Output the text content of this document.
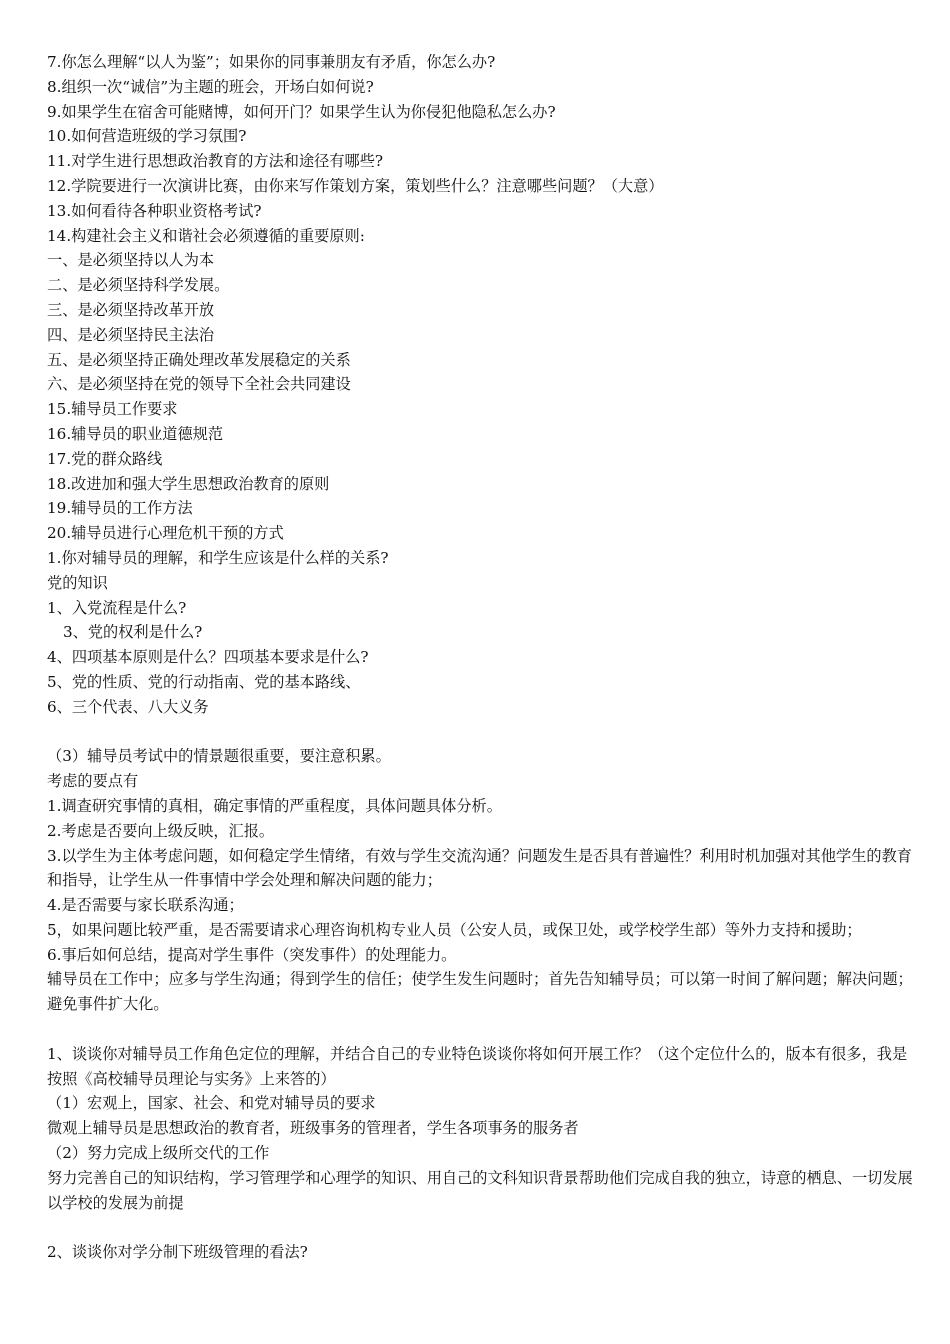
7.你怎么理解“以人为鉴”；如果你的同事兼朋友有矛盾，你怎么办?
8.组织一次“诚信”为主题的班会，开场白如何说?
9.如果学生在宿舍可能赌博，如何开门？如果学生认为你侵犯他隐私怎么办?
10.如何营造班级的学习氛围?
11.对学生进行思想政治教育的方法和途径有哪些?
12.学院要进行一次演讲比赛，由你来写作策划方案，策划些什么？注意哪些问题？（大意）
13.如何看待各种职业资格考试?
14.构建社会主义和谐社会必须遵循的重要原则:
一、是必须坚持以人为本
二、是必须坚持科学发展。
三、是必须坚持改革开放
四、是必须坚持民主法治
五、是必须坚持正确处理改革发展稳定的关系
六、是必须坚持在党的领导下全社会共同建设
15.辅导员工作要求
16.辅导员的职业道德规范
17.党的群众路线
18.改进加和强大学生思想政治教育的原则
19.辅导员的工作方法
20.辅导员进行心理危机干预的方式
1.你对辅导员的理解，和学生应该是什么样的关系?
党的知识
1、入党流程是什么?
3、党的权利是什么?
4、四项基本原则是什么？四项基本要求是什么?
5、党的性质、党的行动指南、党的基本路线、
6、三个代表、八大义务
（3）辅导员考试中的情景题很重要，要注意积累。
考虑的要点有
1.调查研究事情的真相，确定事情的严重程度，具体问题具体分析。
2.考虑是否要向上级反映，汇报。
3.以学生为主体考虑问题，如何稳定学生情绪，有效与学生交流沟通？问题发生是否具有普遍性？利用时机加强对其他学生的教育和指导，让学生从一件事情中学会处理和解决问题的能力；
4.是否需要与家长联系沟通；
5，如果问题比较严重，是否需要请求心理咨询机构专业人员（公安人员，或保卫处，或学校学生部）等外力支持和援助；
6.事后如何总结，提高对学生事件（突发事件）的处理能力。
辅导员在工作中；应多与学生沟通；得到学生的信任；使学生发生问题时；首先告知辅导员；可以第一时间了解问题；解决问题；避免事件扩大化。
1、谈谈你对辅导员工作角色定位的理解，并结合自己的专业特色谈谈你将如何开展工作？（这个定位什么的，版本有很多，我是按照《高校辅导员理论与实务》上来答的）
（1）宏观上，国家、社会、和党对辅导员的要求
微观上辅导员是思想政治的教育者，班级事务的管理者，学生各项事务的服务者
（2）努力完成上级所交代的工作
努力完善自己的知识结构，学习管理学和心理学的知识、用自己的文科知识背景帮助他们完成自我的独立，诗意的栖息、一切发展以学校的发展为前提
2、谈谈你对学分制下班级管理的看法?
